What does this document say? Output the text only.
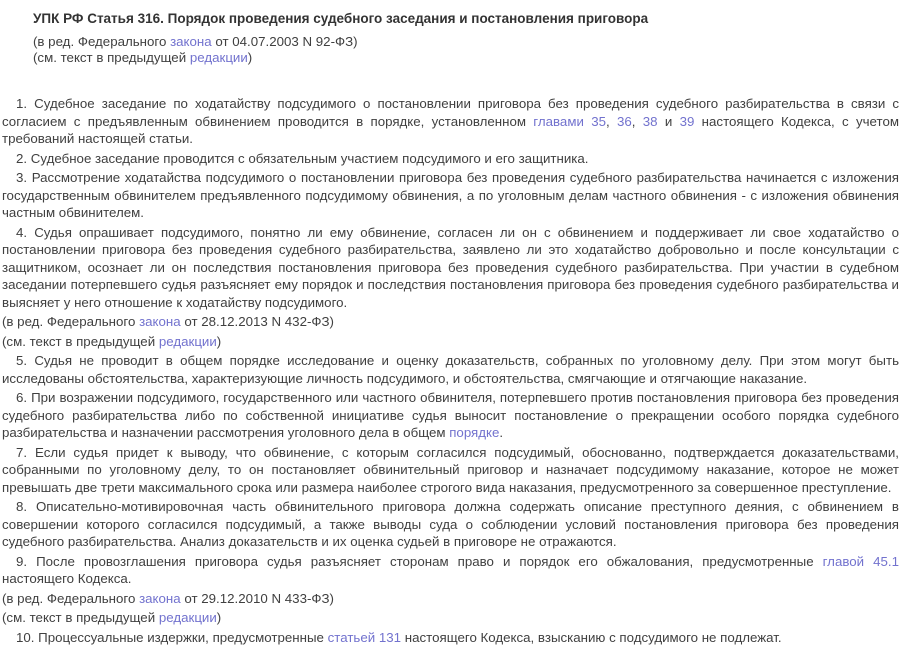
УПК РФ Статья 316. Порядок проведения судебного заседания и постановления приговора
(в ред. Федерального закона от 04.07.2003 N 92-ФЗ)
(см. текст в предыдущей редакции)

1. Судебное заседание по ходатайству подсудимого о постановлении приговора без проведения судебного разбирательства в связи с согласием с предъявленным обвинением проводится в порядке, установленном главами 35, 36, 38 и 39 настоящего Кодекса, с учетом требований настоящей статьи.

2. Судебное заседание проводится с обязательным участием подсудимого и его защитника.

3. Рассмотрение ходатайства подсудимого о постановлении приговора без проведения судебного разбирательства начинается с изложения государственным обвинителем предъявленного подсудимому обвинения, а по уголовным делам частного обвинения - с изложения обвинения частным обвинителем.

4. Судья опрашивает подсудимого, понятно ли ему обвинение, согласен ли он с обвинением и поддерживает ли свое ходатайство о постановлении приговора без проведения судебного разбирательства, заявлено ли это ходатайство добровольно и после консультации с защитником, осознает ли он последствия постановления приговора без проведения судебного разбирательства. При участии в судебном заседании потерпевшего судья разъясняет ему порядок и последствия постановления приговора без проведения судебного разбирательства и выясняет у него отношение к ходатайству подсудимого.

(в ред. Федерального закона от 28.12.2013 N 432-ФЗ)

(см. текст в предыдущей редакции)

5. Судья не проводит в общем порядке исследование и оценку доказательств, собранных по уголовному делу. При этом могут быть исследованы обстоятельства, характеризующие личность подсудимого, и обстоятельства, смягчающие и отягчающие наказание.

6. При возражении подсудимого, государственного или частного обвинителя, потерпевшего против постановления приговора без проведения судебного разбирательства либо по собственной инициативе судья выносит постановление о прекращении особого порядка судебного разбирательства и назначении рассмотрения уголовного дела в общем порядке.

7. Если судья придет к выводу, что обвинение, с которым согласился подсудимый, обоснованно, подтверждается доказательствами, собранными по уголовному делу, то он постановляет обвинительный приговор и назначает подсудимому наказание, которое не может превышать две трети максимального срока или размера наиболее строгого вида наказания, предусмотренного за совершенное преступление.

8. Описательно-мотивировочная часть обвинительного приговора должна содержать описание преступного деяния, с обвинением в совершении которого согласился подсудимый, а также выводы суда о соблюдении условий постановления приговора без проведения судебного разбирательства. Анализ доказательств и их оценка судьей в приговоре не отражаются.

9. После провозглашения приговора судья разъясняет сторонам право и порядок его обжалования, предусмотренные главой 45.1 настоящего Кодекса.

(в ред. Федерального закона от 29.12.2010 N 433-ФЗ)

(см. текст в предыдущей редакции)

10. Процессуальные издержки, предусмотренные статьей 131 настоящего Кодекса, взысканию с подсудимого не подлежат.
